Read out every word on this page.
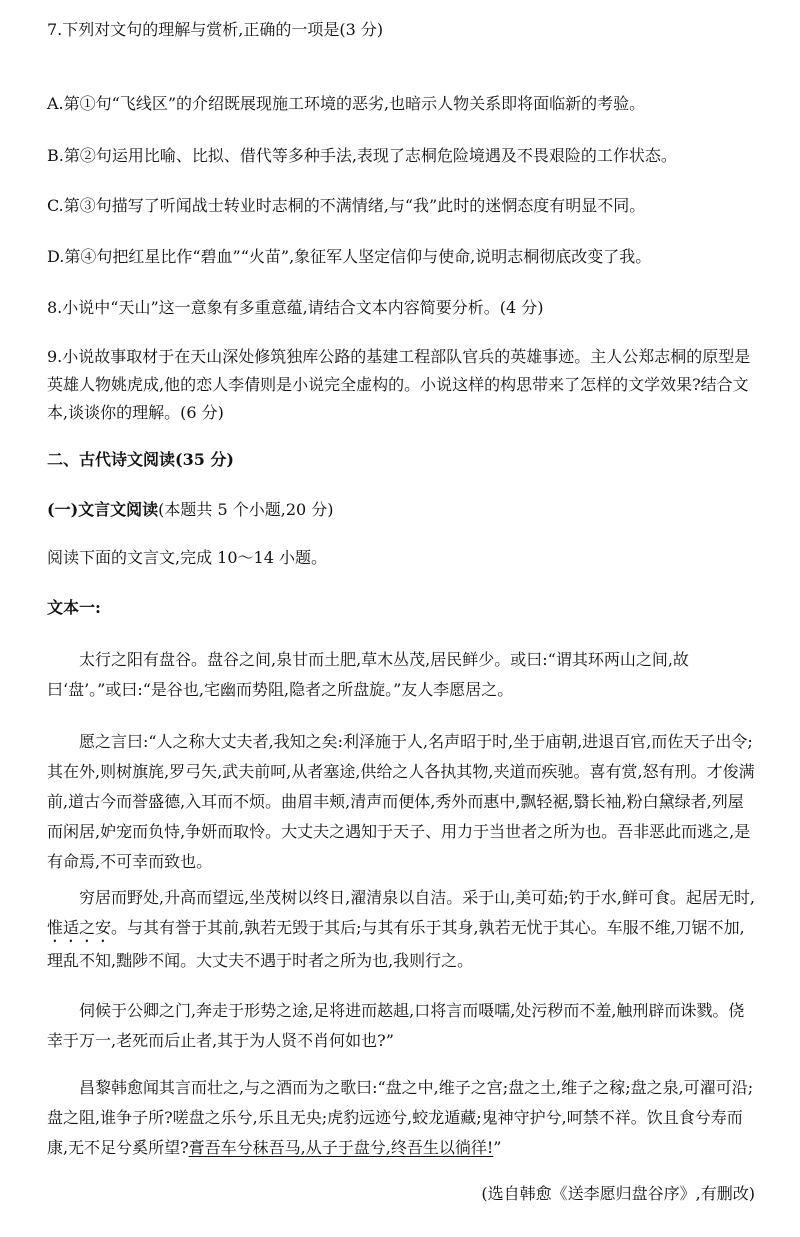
7.下列对文句的理解与赏析,正确的一项是(3 分)

A.第①句“飞线区”的介绍既展现施工环境的恶劣,也暗示人物关系即将面临新的考验。

B.第②句运用比喻、比拟、借代等多种手法,表现了志桐危险境遇及不畏艰险的工作状态。

C.第③句描写了听闻战士转业时志桐的不满情绪,与“我”此时的迷惘态度有明显不同。

D.第④句把红星比作“碧血”“火苗”,象征军人坚定信仰与使命,说明志桐彻底改变了我。

8.小说中“天山”这一意象有多重意蕴,请结合文本内容简要分析。(4 分)

9.小说故事取材于在天山深处修筑独库公路的基建工程部队官兵的英雄事迹。主人公郑志桐的原型是英雄人物姚虎成,他的恋人李倩则是小说完全虚构的。小说这样的构思带来了怎样的文学效果?结合文本,谈谈你的理解。(6 分)

二、古代诗文阅读(35 分)

(一)文言文阅读(本题共 5 个小题,20 分)

阅读下面的文言文,完成 10～14 小题。

文本一:

太行之阳有盘谷。盘谷之间,泉甘而土肥,草木丛茂,居民鲜少。或曰:“谓其环两山之间,故曰‘盘’。”或曰:“是谷也,宅幽而势阻,隐者之所盘旋。”友人李愿居之。

愿之言曰:“人之称大丈夫者,我知之矣:利泽施于人,名声昭于时,坐于庙朝,进退百官,而佐天子出令;其在外,则树旗旄,罗弓矢,武夫前呵,从者塞途,供给之人各执其物,夹道而疾驰。喜有赏,怒有刑。才俊满前,道古今而誉盛德,入耳而不烦。曲眉丰颊,清声而便体,秀外而惠中,飘轻裾,翳长袖,粉白黛绿者,列屋而闲居,妒宠而负恃,争妍而取怜。大丈夫之遇知于天子、用力于当世者之所为也。吾非恶此而逃之,是有命焉,不可幸而致也。

穷居而野处,升高而望远,坐茂树以终日,濯清泉以自洁。采于山,美可茹;钓于水,鲜可食。起居无时,惟适之安。与其有誉于其前,孰若无毁于其后;与其有乐于其身,孰若无忧于其心。车服不维,刀锯不加,理乱不知,黜陟不闻。大丈夫不遇于时者之所为也,我则行之。

伺候于公卿之门,奔走于形势之途,足将进而趑趄,口将言而嗫嚅,处污秽而不羞,触刑辟而诛戮。侥幸于万一,老死而后止者,其于为人贤不肖何如也?”

昌黎韩愈闻其言而壮之,与之酒而为之歌曰:“盘之中,维子之宫;盘之土,维子之稼;盘之泉,可濯可沿;盘之阻,谁争子所?嗟盘之乐兮,乐且无央;虎豹远迹兮,蛟龙遁藏;鬼神守护兮,呵禁不祥。饮且食兮寿而康,无不足兮奚所望?膏吾车兮秣吾马,从子于盘兮,终吾生以徜徉!”

(选自韩愈《送李愿归盘谷序》,有删改)
